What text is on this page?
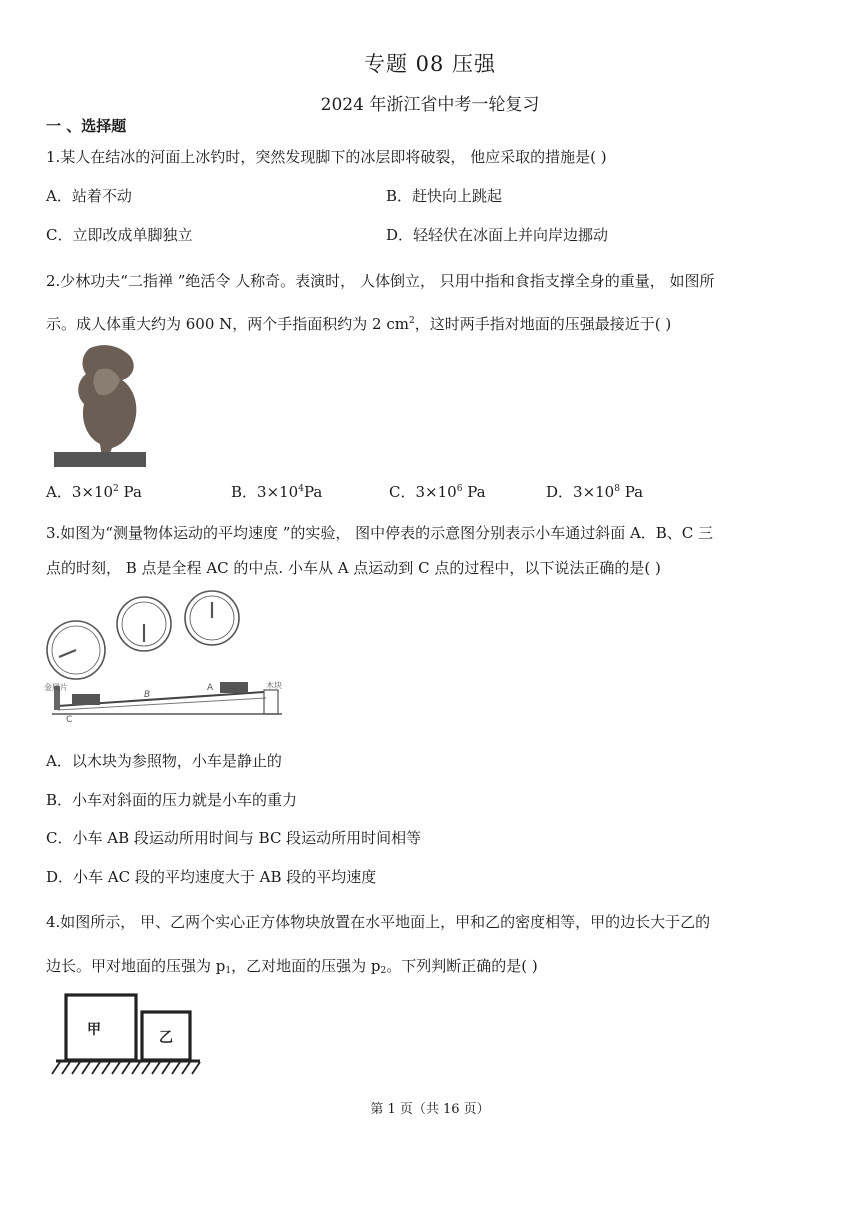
专题 08 压强
2024 年浙江省中考一轮复习
一 、选择题
1.某人在结冰的河面上冰钓时，突然发现脚下的冰层即将破裂， 他应采取的措施是( )
A．站着不动	B．赶快向上跳起
C．立即改成单脚独立	D．轻轻伏在冰面上并向岸边挪动
2.少林功夫“二指禅 ”绝活令 人称奇。表演时， 人体倒立， 只用中指和食指支撑全身的重量， 如图所
示。成人体重大约为 600 N，两个手指面积约为 2 $cm^2$，这时两手指对地面的压强最接近于( )
A．$3\times 10^2$ Pa	B．$3\times 10^4Pa$	C．$3\times 10^6$ Pa	D．$3\times 10^8$ Pa
3.如图为“测量物体运动的平均速度 ”的实验， 图中停表的示意图分别表示小车通过斜面 A．B、C 三
点的时刻， B 点是全程 AC 的中点. 小车从 A 点运动到 C 点的过程中，以下说法正确的是( )
金属片	A
B
C
木块
A．以木块为参照物，小车是静止的
B．小车对斜面的压力就是小车的重力
C．小车 AB 段运动所用时间与 BC 段运动所用时间相等
D．小车 AC 段的平均速度大于 AB 段的平均速度
4.如图所示， 甲、乙两个实心正方体物块放置在水平地面上，甲和乙的密度相等，甲的边长大于乙的
边长。甲对地面的压强为 $p_1$，乙对地面的压强为 $p_2$。下列判断正确的是( )
甲	乙
第 1 页（共 16 页）
